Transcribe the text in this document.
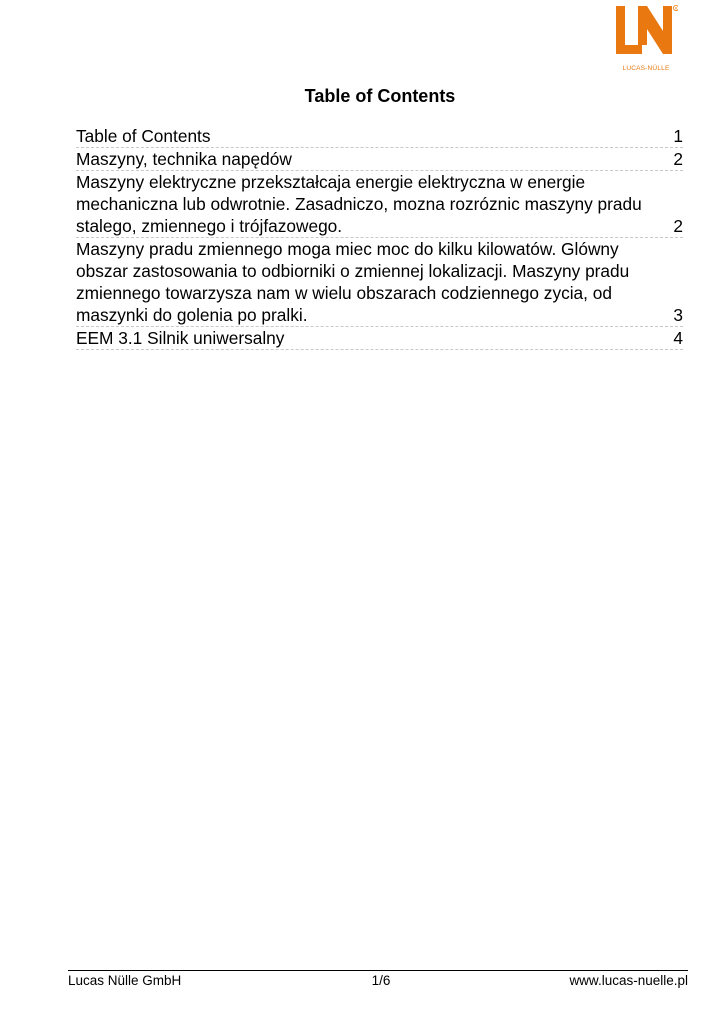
R
LUCAS-NÜLLE
Table of Contents
Table of Contents	1
Maszyny, technika napędów	2
Maszyny elektryczne przekształcaja energie elektryczna w energie mechaniczna lub odwrotnie. Zasadniczo, mozna rozróznic maszyny pradu stalego, zmiennego i trójfazowego.	2
Maszyny pradu zmiennego moga miec moc do kilku kilowatów. Glówny obszar zastosowania to odbiorniki o zmiennej lokalizacji. Maszyny pradu zmiennego towarzysza nam w wielu obszarach codziennego zycia, od maszynki do golenia po pralki.	3
EEM 3.1 Silnik uniwersalny	4
Lucas Nülle GmbH	1/6	www.lucas-nuelle.pl
